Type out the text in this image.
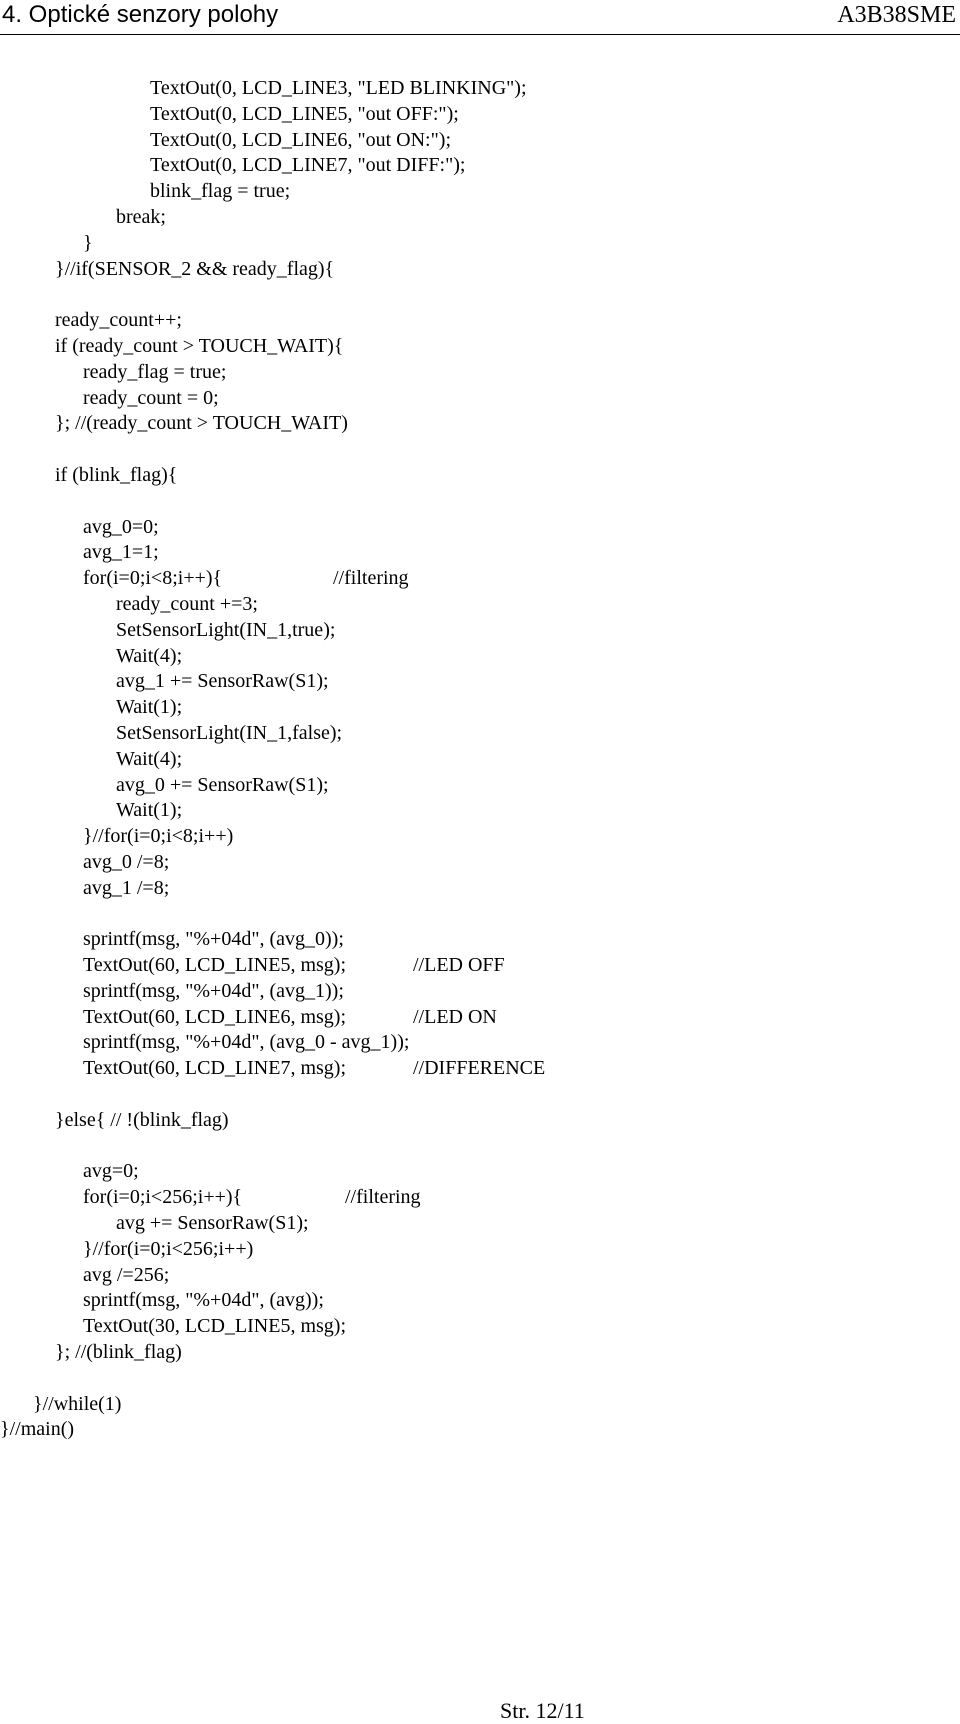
4. Optické senzory polohy	A3B38SME
TextOut(0, LCD_LINE3, "LED BLINKING");
TextOut(0, LCD_LINE5, "out OFF:");
TextOut(0, LCD_LINE6, "out ON:");
TextOut(0, LCD_LINE7, "out DIFF:");
blink_flag = true;
break;
}
}//if(SENSOR_2 && ready_flag){
ready_count++;
if (ready_count > TOUCH_WAIT){
ready_flag = true;
ready_count = 0;
}; //(ready_count > TOUCH_WAIT)
if (blink_flag){
avg_0=0;
avg_1=1;
for(i=0;i<8;i++){	//filtering
ready_count +=3;
SetSensorLight(IN_1,true);
Wait(4);
avg_1 += SensorRaw(S1);
Wait(1);
SetSensorLight(IN_1,false);
Wait(4);
avg_0 += SensorRaw(S1);
Wait(1);
}//for(i=0;i<8;i++)
avg_0 /=8;
avg_1 /=8;
sprintf(msg, "%+04d", (avg_0));
TextOut(60, LCD_LINE5, msg);	//LED OFF
sprintf(msg, "%+04d", (avg_1));
TextOut(60, LCD_LINE6, msg);	//LED ON
sprintf(msg, "%+04d", (avg_0 - avg_1));
TextOut(60, LCD_LINE7, msg);	//DIFFERENCE
}else{ // !(blink_flag)
avg=0;
for(i=0;i<256;i++){	//filtering
avg += SensorRaw(S1);
}//for(i=0;i<256;i++)
avg /=256;
sprintf(msg, "%+04d", (avg));
TextOut(30, LCD_LINE5, msg);
}; //(blink_flag)
}//while(1)
}//main()
Str. 12/11
